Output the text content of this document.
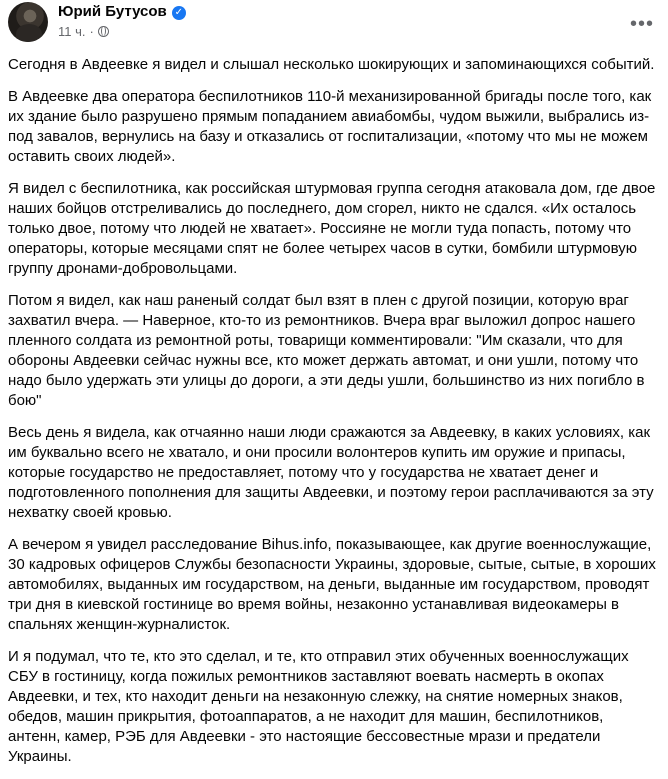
Юрий Бутусов ✓
11 ч. ·	•••

Сегодня в Авдеевке я видел и слышал несколько шокирующих и запоминающихся событий.

В Авдеевке два оператора беспилотников 110-й механизированной бригады после того, как их здание было разрушено прямым попаданием авиабомбы, чудом выжили, выбрались из-под завалов, вернулись на базу и отказались от госпитализации, «потому что мы не можем оставить своих людей».

Я видел с беспилотника, как российская штурмовая группа сегодня атаковала дом, где двое наших бойцов отстреливались до последнего, дом сгорел, никто не сдался. «Их осталось только двое, потому что людей не хватает». Россияне не могли туда попасть, потому что операторы, которые месяцами спят не более четырех часов в сутки, бомбили штурмовую группу дронами-добровольцами.

Потом я видел, как наш раненый солдат был взят в плен с другой позиции, которую враг захватил вчера. — Наверное, кто-то из ремонтников. Вчера враг выложил допрос нашего пленного солдата из ремонтной роты, товарищи комментировали: "Им сказали, что для обороны Авдеевки сейчас нужны все, кто может держать автомат, и они ушли, потому что надо было удержать эти улицы до дороги, а эти деды ушли, большинство из них погибло в бою"

Весь день я видела, как отчаянно наши люди сражаются за Авдеевку, в каких условиях, как им буквально всего не хватало, и они просили волонтеров купить им оружие и припасы, которые государство не предоставляет, потому что у государства не хватает денег и подготовленного пополнения для защиты Авдеевки, и поэтому герои расплачиваются за эту нехватку своей кровью.

А вечером я увидел расследование Bihus.info, показывающее, как другие военнослужащие, 30 кадровых офицеров Службы безопасности Украины, здоровые, сытые, сытые, в хороших автомобилях, выданных им государством, на деньги, выданные им государством, проводят три дня в киевской гостинице во время войны, незаконно устанавливая видеокамеры в спальнях женщин-журналисток.

И я подумал, что те, кто это сделал, и те, кто отправил этих обученных военнослужащих СБУ в гостиницу, когда пожилых ремонтников заставляют воевать насмерть в окопах Авдеевки, и тех, кто находит деньги на незаконную слежку, на снятие номерных знаков, обедов, машин прикрытия, фотоаппаратов, а не находит для машин, беспилотников, антенн, камер, РЭБ для Авдеевки - это настоящие бессовестные мрази и предатели Украины.
